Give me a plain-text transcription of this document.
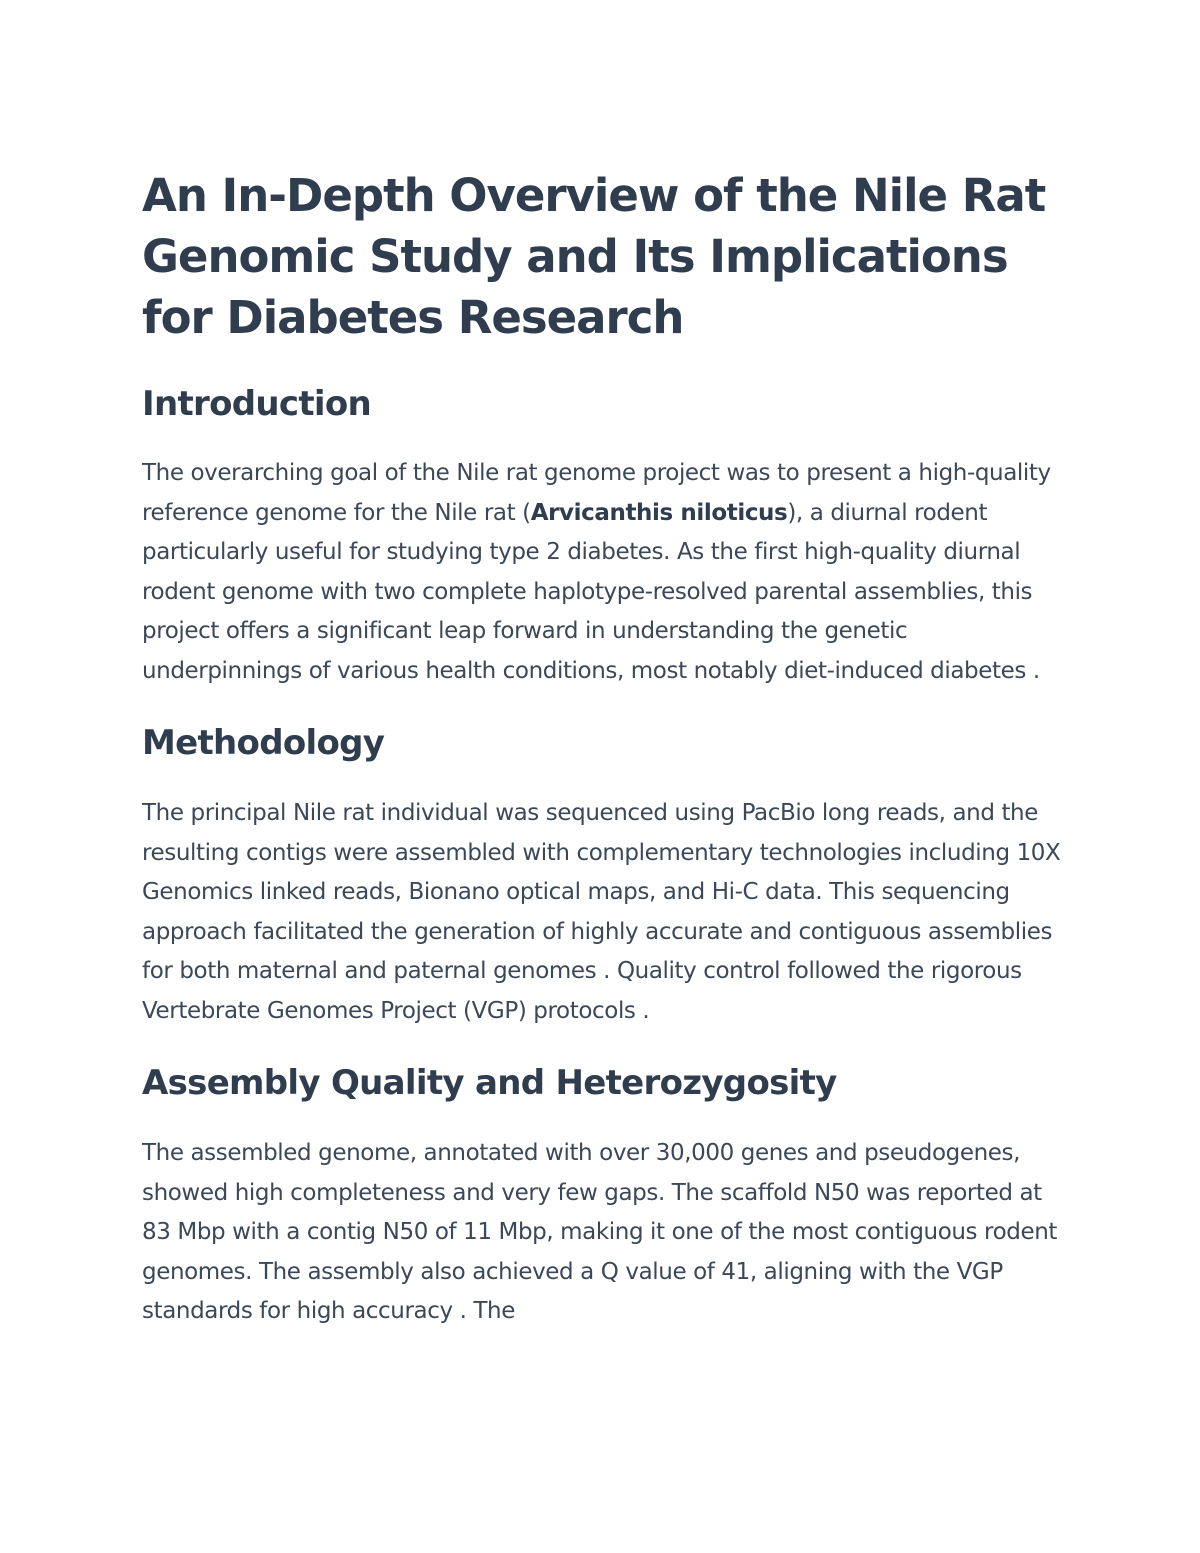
An In-Depth Overview of the Nile Rat Genomic Study and Its Implications for Diabetes Research
Introduction

The overarching goal of the Nile rat genome project was to present a high-quality reference genome for the Nile rat (Arvicanthis niloticus), a diurnal rodent particularly useful for studying type 2 diabetes. As the first high-quality diurnal rodent genome with two complete haplotype-resolved parental assemblies, this project offers a significant leap forward in understanding the genetic underpinnings of various health conditions, most notably diet-induced diabetes .

Methodology

The principal Nile rat individual was sequenced using PacBio long reads, and the resulting contigs were assembled with complementary technologies including 10X Genomics linked reads, Bionano optical maps, and Hi-C data. This sequencing approach facilitated the generation of highly accurate and contiguous assemblies for both maternal and paternal genomes . Quality control followed the rigorous Vertebrate Genomes Project (VGP) protocols .

Assembly Quality and Heterozygosity

The assembled genome, annotated with over 30,000 genes and pseudogenes, showed high completeness and very few gaps. The scaffold N50 was reported at 83 Mbp with a contig N50 of 11 Mbp, making it one of the most contiguous rodent genomes. The assembly also achieved a Q value of 41, aligning with the VGP standards for high accuracy . The
